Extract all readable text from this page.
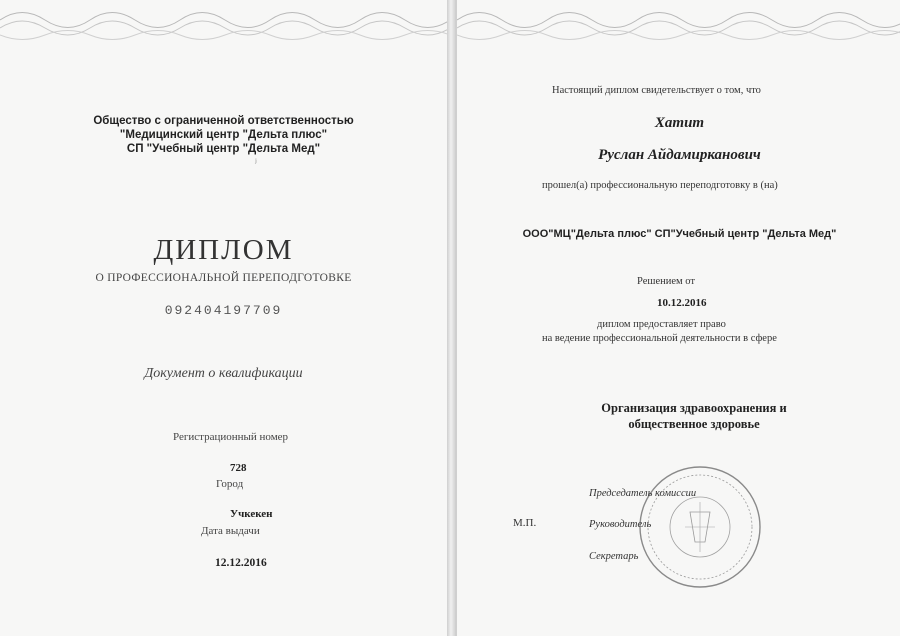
Общество с ограниченной ответственностью
"Медицинский центр "Дельта плюс"
СП "Учебный центр "Дельта Мед"
ʲ
ДИПЛОМ
О ПРОФЕССИОНАЛЬНОЙ ПЕРЕПОДГОТОВКЕ
092404197709
Документ о квалификации
Регистрационный номер
728
Город
Учкекен
Дата выдачи
12.12.2016
Настоящий диплом свидетельствует о том, что
Хатит
Руслан Айдамирканович
прошел(а) профессиональную переподготовку в (на)
ООО"МЦ"Дельта плюс" СП"Учебный центр "Дельта Мед"
Решением от
10.12.2016
диплом предоставляет право
на ведение профессиональной деятельности в сфере
Организация здравоохранения и
общественное здоровье
Председатель комиссии
М.П.	Руководитель
Секретарь
